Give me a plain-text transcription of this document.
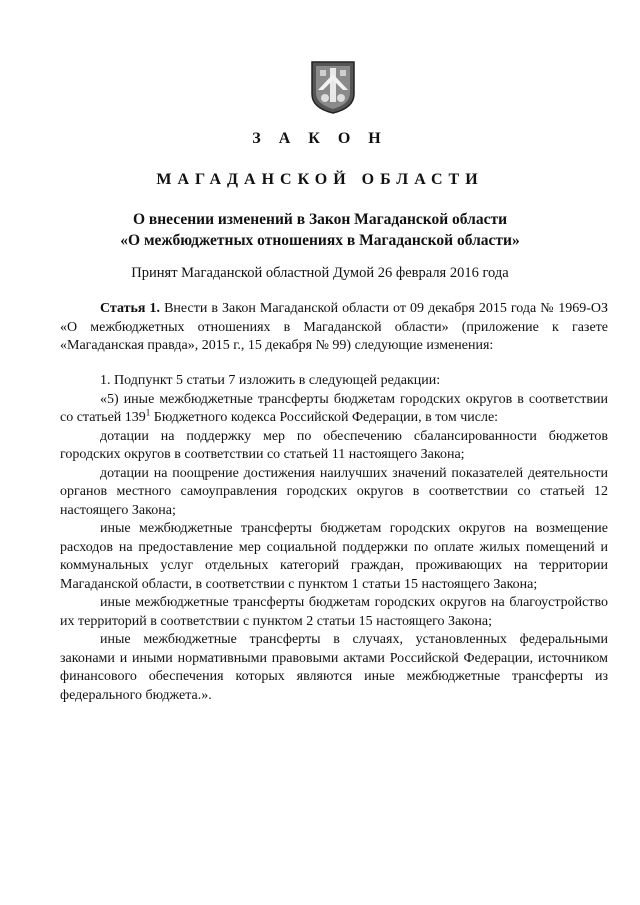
З А К О Н
МАГАДАНСКОЙ ОБЛАСТИ
О внесении изменений в Закон Магаданской области
«О межбюджетных отношениях в Магаданской области»
Принят Магаданской областной Думой 26 февраля 2016 года

Статья 1. Внести в Закон Магаданской области от 09 декабря 2015 года № 1969-ОЗ «О межбюджетных отношениях в Магаданской области» (приложение к газете «Магаданская правда», 2015 г., 15 декабря № 99) следующие изменения:

1. Подпункт 5 статьи 7 изложить в следующей редакции:

«5) иные межбюджетные трансферты бюджетам городских округов в соответствии со статьей $139^1$ Бюджетного кодекса Российской Федерации, в том числе:

дотации на поддержку мер по обеспечению сбалансированности бюджетов городских округов в соответствии со статьей 11 настоящего Закона;

дотации на поощрение достижения наилучших значений показателей деятельности органов местного самоуправления городских округов в соответствии со статьей 12 настоящего Закона;

иные межбюджетные трансферты бюджетам городских округов на возмещение расходов на предоставление мер социальной поддержки по оплате жилых помещений и коммунальных услуг отдельных категорий граждан, проживающих на территории Магаданской области, в соответствии с пунктом 1 статьи 15 настоящего Закона;

иные межбюджетные трансферты бюджетам городских округов на благоустройство их территорий в соответствии с пунктом 2 статьи 15 настоящего Закона;

иные межбюджетные трансферты в случаях, установленных федеральными законами и иными нормативными правовыми актами Российской Федерации, источником финансового обеспечения которых являются иные межбюджетные трансферты из федерального бюджета.».
